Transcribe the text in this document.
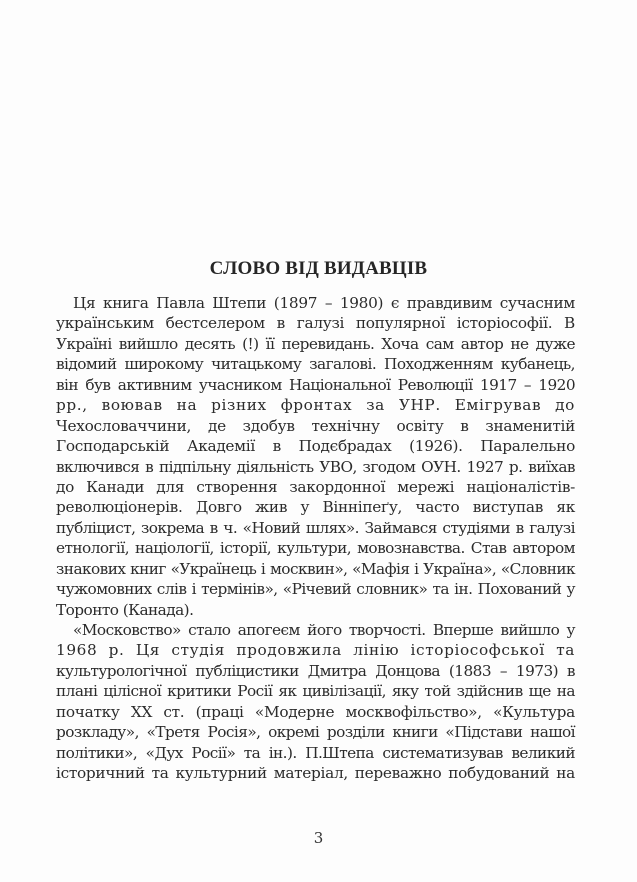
СЛОВО ВІД ВИДАВЦІВ
Ця книга Павла Штепи (1897 – 1980) є правдивим сучасним
українським бестселером в галузі популярної історіософії. В
Україні вийшло десять (!) її перевидань. Хоча сам автор не дуже
відомий широкому читацькому загалові. Походженням кубанець,
він був активним учасником Національної Революції 1917 – 1920
рр., воював на різних фронтах за УНР. Емігрував до
Чехословаччини, де здобув технічну освіту в знаменитій
Господарській Академії в Подєбрадах (1926). Паралельно
включився в підпільну діяльність УВО, згодом ОУН. 1927 р. виїхав
до Канади для створення закордонної мережі націоналістів-
революціонерів. Довго жив у Вінніпеґу, часто виступав як
публіцист, зокрема в ч. «Новий шлях». Займався студіями в галузі
етнології, націології, історії, культури, мовознавства. Став автором
знакових книг «Українець і москвин», «Мафія і Україна», «Словник
чужомовних слів і термінів», «Річевий словник» та ін. Похований у
Торонто (Канада).
«Московство» стало апогеєм його творчості. Вперше вийшло у
1968 р. Ця студія продовжила лінію історіософської та
культурологічної публіцистики Дмитра Донцова (1883 – 1973) в
плані цілісної критики Росії як цивілізації, яку той здійснив ще на
початку XX ст. (праці «Модерне москвофільство», «Культура
розкладу», «Третя Росія», окремі розділи книги «Підстави нашої
політики», «Дух Росії» та ін.). П.Штепа систематизував великий
історичний та культурний матеріал, переважно побудований на
3
